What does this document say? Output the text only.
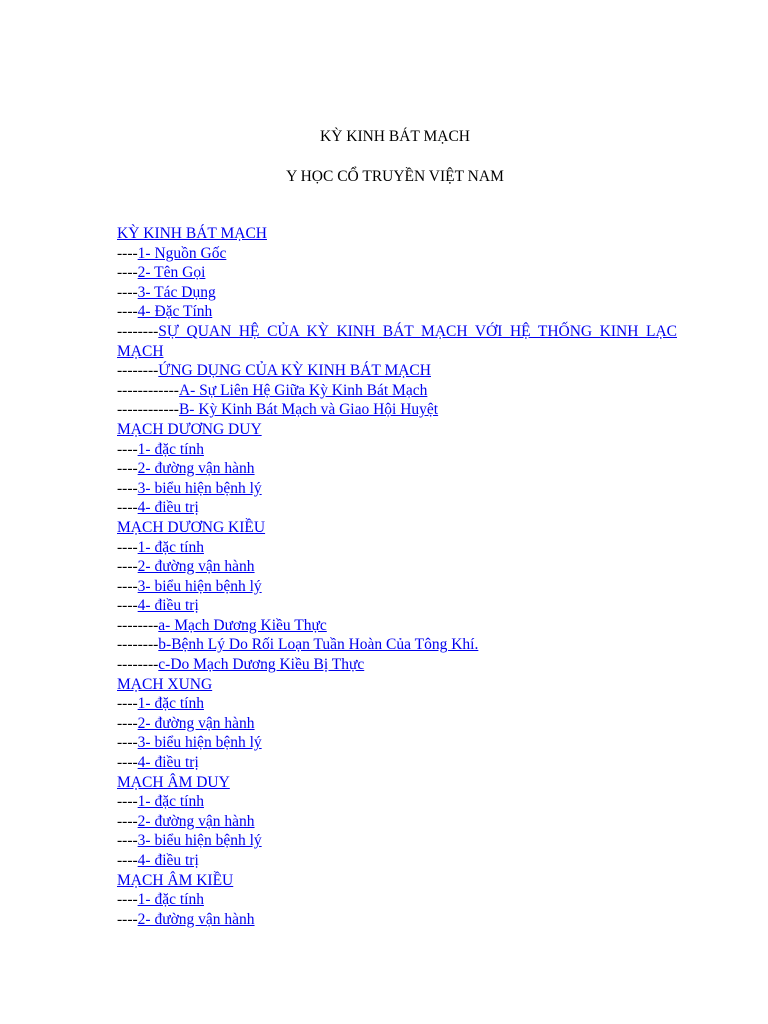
KỲ KINH BÁT MẠCH
Y HỌC CỔ TRUYỀN VIỆT NAM
KỲ KINH BÁT MẠCH
----1- Nguồn Gốc
----2- Tên Gọi
----3- Tác Dụng
----4- Đặc Tính
--------SỰ QUAN HỆ CỦA KỲ KINH BÁT MẠCH VỚI HỆ THỐNG KINH LẠC MẠCH
--------ỨNG DỤNG CỦA KỲ KINH BÁT MẠCH
------------A- Sự Liên Hệ Giữa Kỳ Kinh Bát Mạch
------------B- Kỳ Kinh Bát Mạch và Giao Hội Huyệt
MẠCH DƯƠNG DUY
----1- đặc tính
----2- đường vận hành
----3- biểu hiện bệnh lý
----4- điều trị
MẠCH DƯƠNG KIỀU
----1- đặc tính
----2- đường vận hành
----3- biểu hiện bệnh lý
----4- điều trị
--------a- Mạch Dương Kiều Thực
--------b-Bệnh Lý Do Rối Loạn Tuần Hoàn Của Tông Khí.
--------c-Do Mạch Dương Kiều Bị Thực
MẠCH XUNG
----1- đặc tính
----2- đường vận hành
----3- biểu hiện bệnh lý
----4- điều trị
MẠCH ÂM DUY
----1- đặc tính
----2- đường vận hành
----3- biểu hiện bệnh lý
----4- điều trị
MẠCH ÂM KIỀU
----1- đặc tính
----2- đường vận hành
